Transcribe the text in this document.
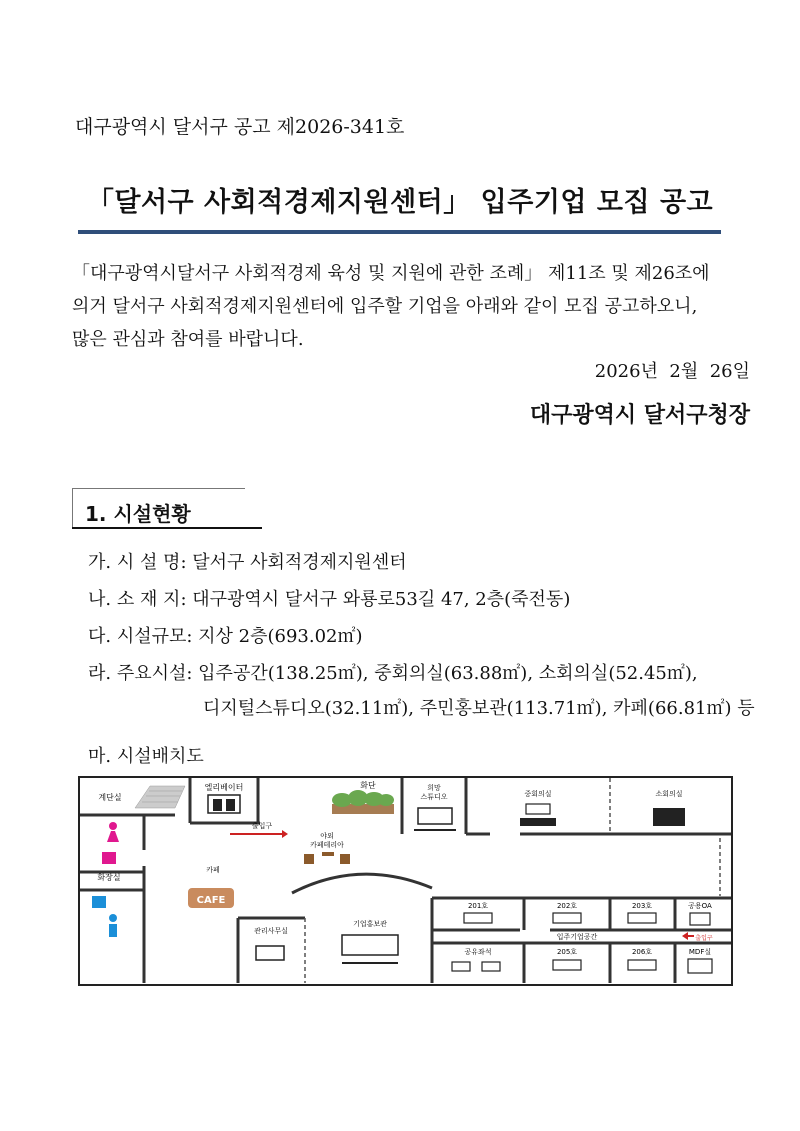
대구광역시 달서구 공고 제2026-341호
「달서구 사회적경제지원센터」 입주기업 모집 공고
「대구광역시달서구 사회적경제 육성 및 지원에 관한 조례」 제11조 및 제26조에
의거 달서구 사회적경제지원센터에 입주할 기업을 아래와 같이 모집 공고하오니,
많은 관심과 참여를 바랍니다.
2026년  2월  26일
대구광역시 달서구청장
1. 시설현황
가. 시 설 명: 달서구 사회적경제지원센터
나. 소 재 지: 대구광역시 달서구 와룡로53길 47, 2층(죽전동)
다. 시설규모: 지상 2층(693.02㎡)
라. 주요시설: 입주공간(138.25㎡), 중회의실(63.88㎡), 소회의실(52.45㎡),
디지털스튜디오(32.11㎡), 주민홍보관(113.71㎡), 카페(66.81㎡) 등
마. 시설배치도
계단실
엘리베이터
화장실
화단
출입구
희망
스튜디오	중회의실	소회의실
야외
카페테리아
카페
CAFE
관리사무실
기업홍보관
201호	202호	203호	공용OA
입주기업공간	출입구
공유좌석	205호	206호	MDF실
